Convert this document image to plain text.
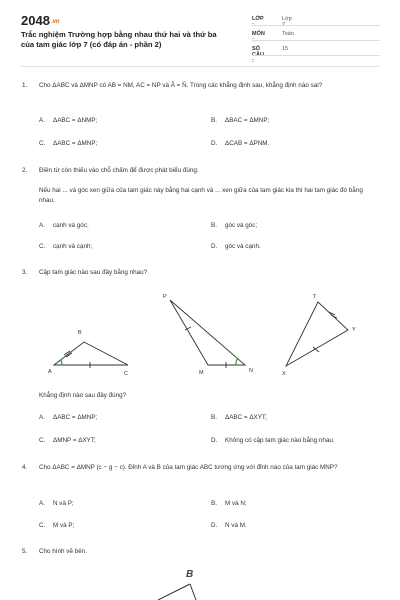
2048.vn
Trắc nghiệm Trường hợp bằng nhau thứ hai và thứ ba của tam giác lớp 7 (có đáp án - phần 2)
LỚP :
Lớp 7
MÔN :
Toán
SỐ CÂU :
15
1. Cho ΔABC và ΔMNP có AB = NM, AC = NP và Â = N̂. Trong các khẳng định sau, khẳng định nào sai?
A. ΔABC = ΔNMP;	B. ΔBAC = ΔMNP;
C. ΔABC = ΔMNP;	D. ΔCAB = ΔPNM.
2. Điền từ còn thiếu vào chỗ chấm để được phát biểu đúng:
Nếu hai ... và góc xen giữa của tam giác này bằng hai cạnh và ... xen giữa của tam giác kia thì hai tam giác đó bằng nhau.
A. cạnh và góc;	B. góc và góc;
C. cạnh và cạnh;	D. góc và cạnh.
3. Cặp tam giác nào sau đây bằng nhau?
A
B
C
P
M	N
T
X
Y
Khẳng định nào sau đây đúng?
A. ΔABC = ΔMNP;	B. ΔABC = ΔXYT;
C. ΔMNP = ΔXYT;	D. Không có cặp tam giác nào bằng nhau.
4. Cho ΔABC = ΔMNP (c − g − c). Đỉnh A và B của tam giác ABC tương ứng với đỉnh nào của tam giác MNP?
A. N và P;	B. M và N;
C. M và P;	D. N và M.
5. Cho hình vẽ bên.
B
